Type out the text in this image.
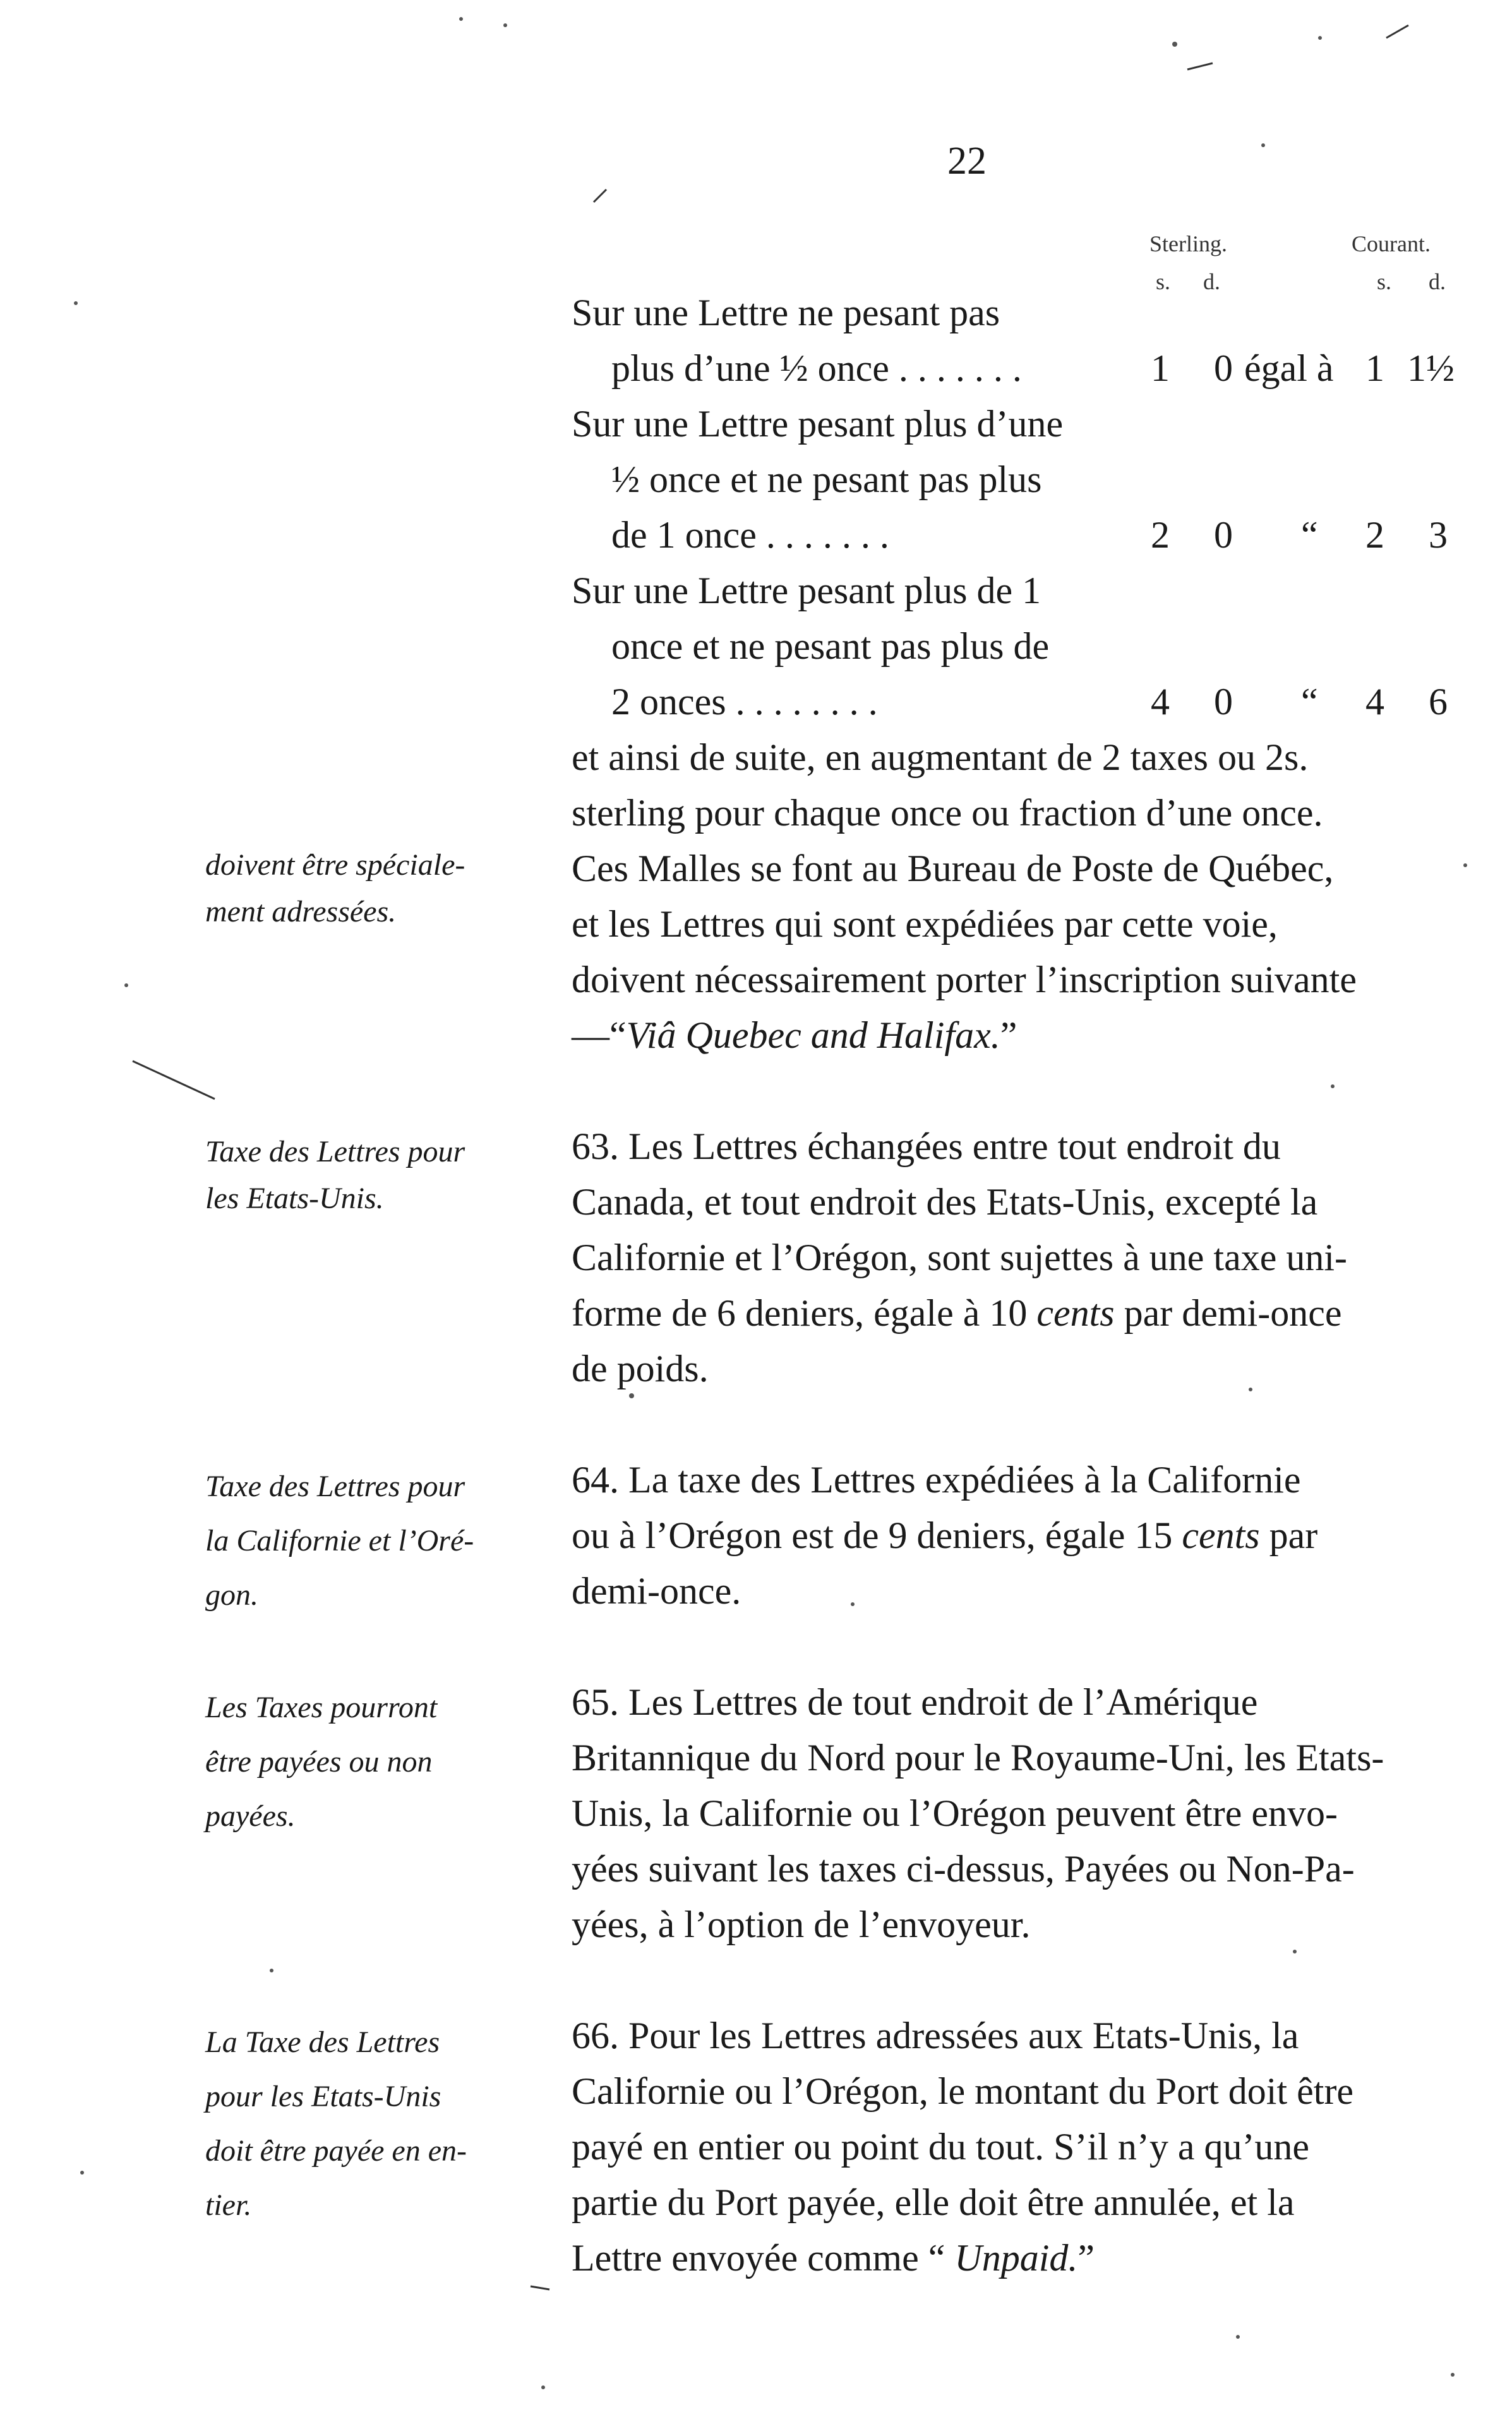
22
Sterling.	Courant.
s. d.	s. d.
Sur une Lettre ne pesant pas
plus d’une ½ once . . . . . . .	1 0 égal à 1 1½
Sur une Lettre pesant plus d’une
½ once et ne pesant pas plus
de 1 once . . . . . . .	2 0 “ 2 3
Sur une Lettre pesant plus de 1
once et ne pesant pas plus de
2 onces . . . . . . . .	4 0 “ 4 6
et ainsi de suite, en augmentant de 2 taxes ou 2s.
sterling pour chaque once ou fraction d’une once.
Ces Malles se font au Bureau de Poste de Québec,
et les Lettres qui sont expédiées par cette voie,
doivent nécessairement porter l’inscription suivante
—“Viâ Quebec and Halifax.”
63. Les Lettres échangées entre tout endroit du
Canada, et tout endroit des Etats-Unis, excepté la
Californie et l’Orégon, sont sujettes à une taxe uni-
forme de 6 deniers, égale à 10 cents par demi-once
de poids.
64. La taxe des Lettres expédiées à la Californie
ou à l’Orégon est de 9 deniers, égale 15 cents par
demi-once.
65. Les Lettres de tout endroit de l’Amérique
Britannique du Nord pour le Royaume-Uni, les Etats-
Unis, la Californie ou l’Orégon peuvent être envo-
yées suivant les taxes ci-dessus, Payées ou Non-Pa-
yées, à l’option de l’envoyeur.
66. Pour les Lettres adressées aux Etats-Unis, la
Californie ou l’Orégon, le montant du Port doit être
payé en entier ou point du tout. S’il n’y a qu’une
partie du Port payée, elle doit être annulée, et la
Lettre envoyée comme “ Unpaid.”
doivent être spéciale-
ment adressées.
Taxe des Lettres pour
les Etats-Unis.
Taxe des Lettres pour
la Californie et l’Oré-
gon.
Les Taxes pourront
être payées ou non
payées.
La Taxe des Lettres
pour les Etats-Unis
doit être payée en en-
tier.
